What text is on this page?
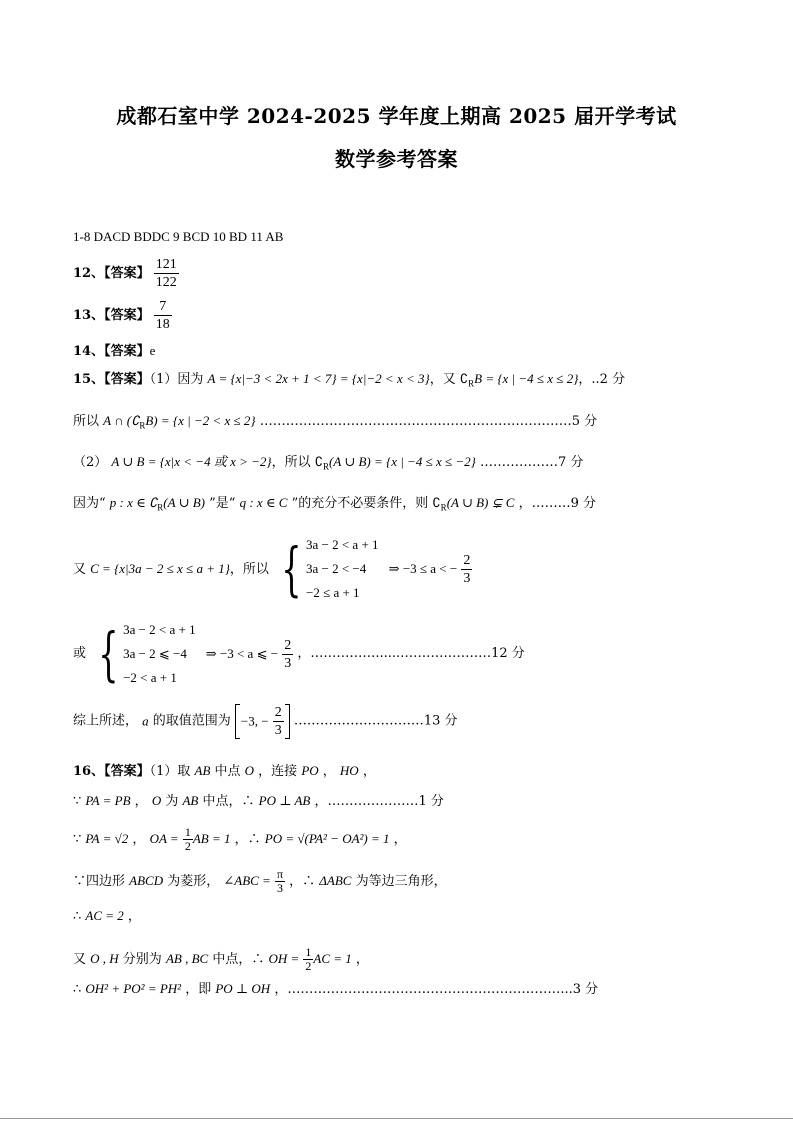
成都石室中学 2024-2025 学年度上期高 2025 届开学考试
数学参考答案
1-8 DACD BDDC 9 BCD 10 BD 11 AB
12、【答案】 $\frac{121}{122}$
13、【答案】 $\frac{7}{18}$
14、【答案】e
15、【答案】（1）因为 A = {x|−3 < 2x + 1 < 7} = {x|−2 < x < 3}，又 $∁_RB = \{x$ | −4 ≤ x ≤ 2}，..2 分
所以 A ∩ $(∁_RB) = \{x$ | −2 < x ≤ 2} ………………………………………………………………5 分
（2） A ∪ B = {x|x < −4 或 x > −2}，所以 $∁_R(A$ ∪ B) = {x | −4 ≤ x ≤ −2} ………………7 分
因为“ p : x ∈ $∁_R(A$ ∪ B) ”是“ q : x ∈ C ”的充分不必要条件，则 $∁_R(A$ ∪ B) ⊊ C ，………9 分
又 C = {x|3a − 2 ≤ x ≤ a + 1}，所以 { 3a − 2 < a + 1
3a − 2 < −4
−2 ≤ a + 1
⇒ −3 ≤ a < − $\frac{2}{3}$
或 { 3a − 2 < a + 1
3a − 2 ⩽ −4
−2 < a + 1
⇒ −3 < a ⩽ − $\frac{2}{3}$ ，……………......…………………12 分
综上所述， a 的取值范围为 −3, − $\frac{2}{3}$ …………………………13 分
16、【答案】（1）取 AB 中点 O ，连接 PO ， HO ，
∵ PA = PB ， O 为 AB 中点，∴ PO ⊥ AB ，…………………1 分
∵ PA = √2 ， OA = $\frac{1}{2}$ AB = 1 ，∴ PO = √(PA² − OA²) = 1 ，
∵四边形 ABCD 为菱形， ∠ABC = $\frac{\pi}{3}$ ，∴ ΔABC 为等边三角形，
∴ AC = 2 ，
又 O , H 分别为 AB , BC 中点，∴ OH = $\frac{1}{2}$ AC = 1 ，
∴ OH² + PO² = PH² ，即 PO ⊥ OH ，………………………………………………………...3 分
